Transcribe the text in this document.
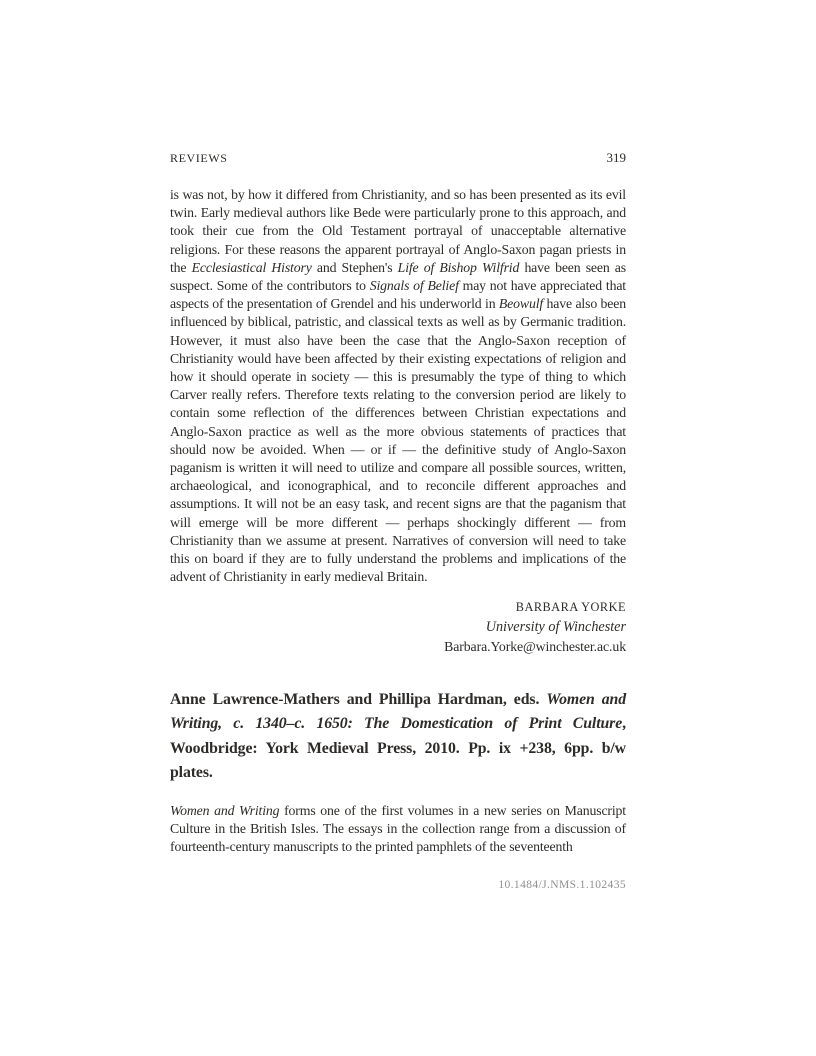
REVIEWS	319

is was not, by how it differed from Christianity, and so has been presented as its evil twin. Early medieval authors like Bede were particularly prone to this approach, and took their cue from the Old Testament portrayal of unacceptable alternative religions. For these reasons the apparent portrayal of Anglo-Saxon pagan priests in the Ecclesiastical History and Stephen's Life of Bishop Wilfrid have been seen as suspect. Some of the contributors to Signals of Belief may not have appreciated that aspects of the presentation of Grendel and his underworld in Beowulf have also been influenced by biblical, patristic, and classical texts as well as by Germanic tradition. However, it must also have been the case that the Anglo-Saxon reception of Christianity would have been affected by their existing expectations of religion and how it should operate in society — this is presumably the type of thing to which Carver really refers. Therefore texts relating to the conversion period are likely to contain some reflection of the differences between Christian expectations and Anglo-Saxon practice as well as the more obvious statements of practices that should now be avoided. When — or if — the definitive study of Anglo-Saxon paganism is written it will need to utilize and compare all possible sources, written, archaeological, and iconographical, and to reconcile different approaches and assumptions. It will not be an easy task, and recent signs are that the paganism that will emerge will be more different — perhaps shockingly different — from Christianity than we assume at present. Narratives of conversion will need to take this on board if they are to fully understand the problems and implications of the advent of Christianity in early medieval Britain.

BARBARA YORKE
University of Winchester
Barbara.Yorke@winchester.ac.uk
Anne Lawrence-Mathers and Phillipa Hardman, eds. Women and Writing, c. 1340–c. 1650: The Domestication of Print Culture, Woodbridge: York Medieval Press, 2010. Pp. ix +238, 6pp. b/w plates.

Women and Writing forms one of the first volumes in a new series on Manuscript Culture in the British Isles. The essays in the collection range from a discussion of fourteenth-century manuscripts to the printed pamphlets of the seventeenth

10.1484/J.NMS.1.102435
